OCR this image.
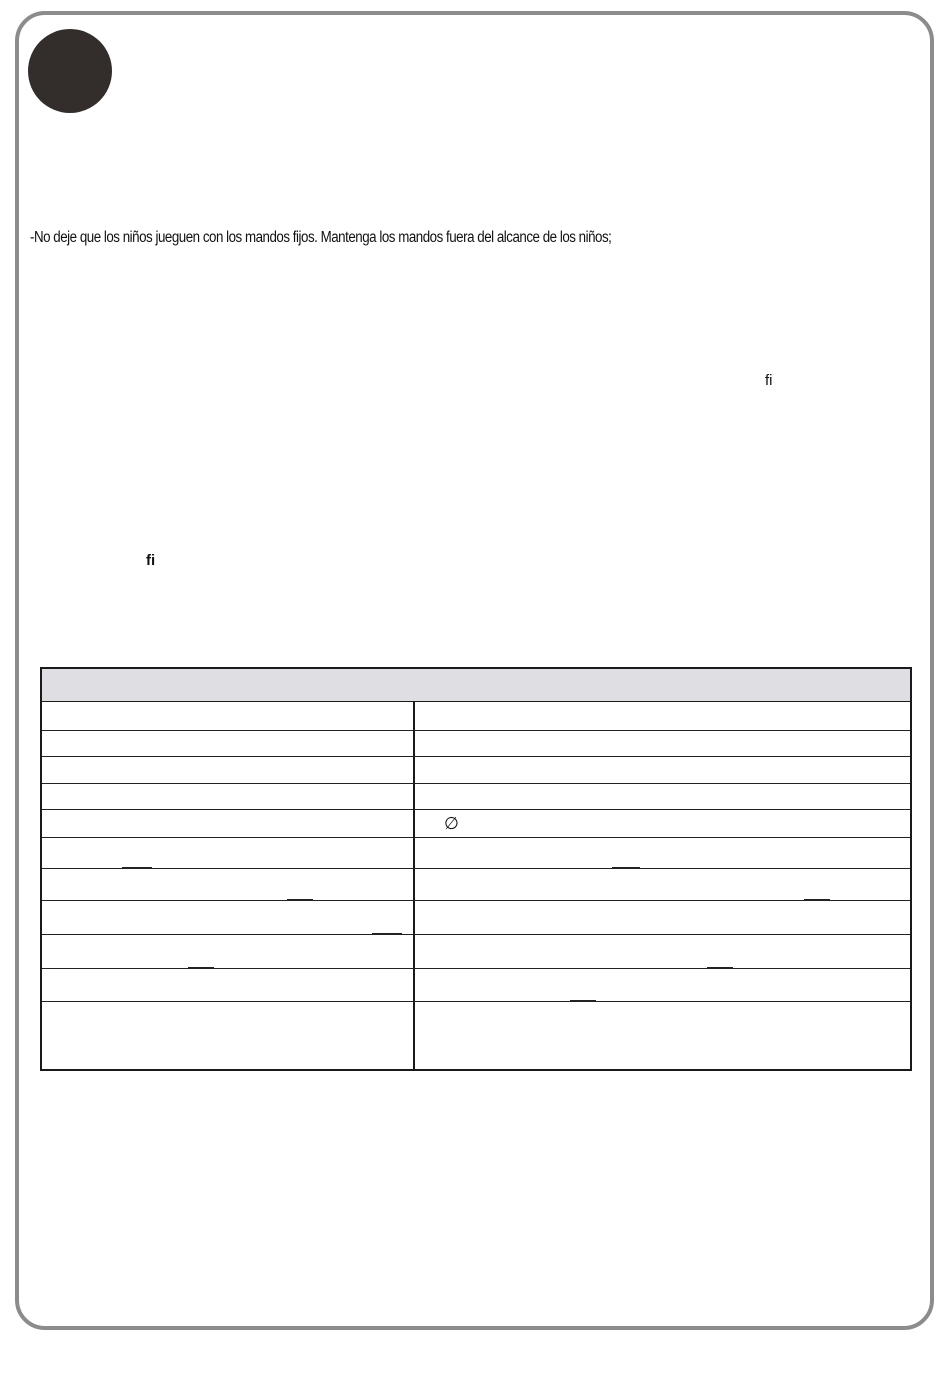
-No deje que los niños jueguen con los mandos fijos. Mantenga los mandos fuera del alcance de los niños;
fi
fi
∅
